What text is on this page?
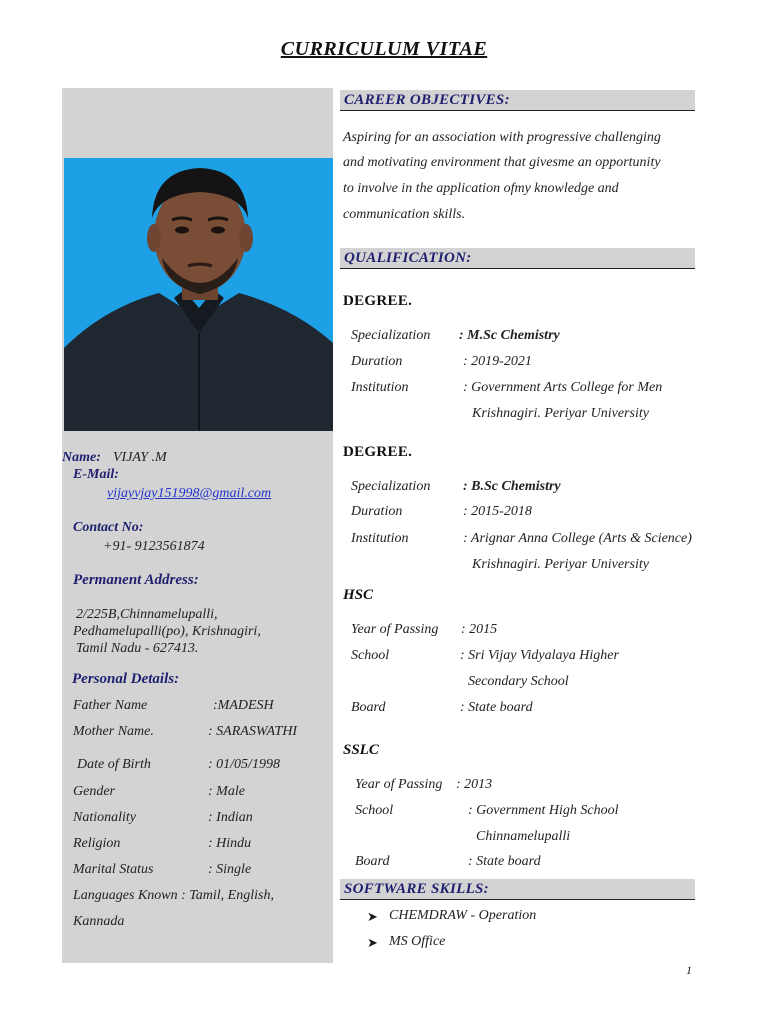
CURRICULUM VITAE
Name: VIJAY .M
E-Mail:
vijayvjay151998@gmail.com
Contact No:
+91- 9123561874
Permanent Address:
2/225B,Chinnamelupalli,
Pedhamelupalli(po), Krishnagiri,
Tamil Nadu - 627413.
Personal Details:
Father Name	:MADESH
Mother Name.	: SARASWATHI
Date of Birth	: 01/05/1998
Gender	: Male
Nationality	: Indian
Religion	: Hindu
Marital Status	: Single
Languages Known : Tamil, English,
Kannada
CAREER OBJECTIVES:
Aspiring for an association with progressive challenging
and motivating environment that givesme an opportunity
to involve in the application ofmy knowledge and
communication skills.
QUALIFICATION:
DEGREE.
Specialization : M.Sc Chemistry
Duration	: 2019-2021
Institution	: Government Arts College for Men
Krishnagiri. Periyar University
DEGREE.
Specialization : B.Sc Chemistry
Duration	: 2015-2018
Institution	: Arignar Anna College (Arts & Science)
Krishnagiri. Periyar University
HSC
Year of Passing : 2015
School	: Sri Vijay Vidyalaya Higher
Secondary School
Board	: State board
SSLC
Year of Passing : 2013
School	: Government High School
Chinnamelupalli
Board	: State board
SOFTWARE SKILLS:
➤ CHEMDRAW - Operation
➤ MS Office
1
